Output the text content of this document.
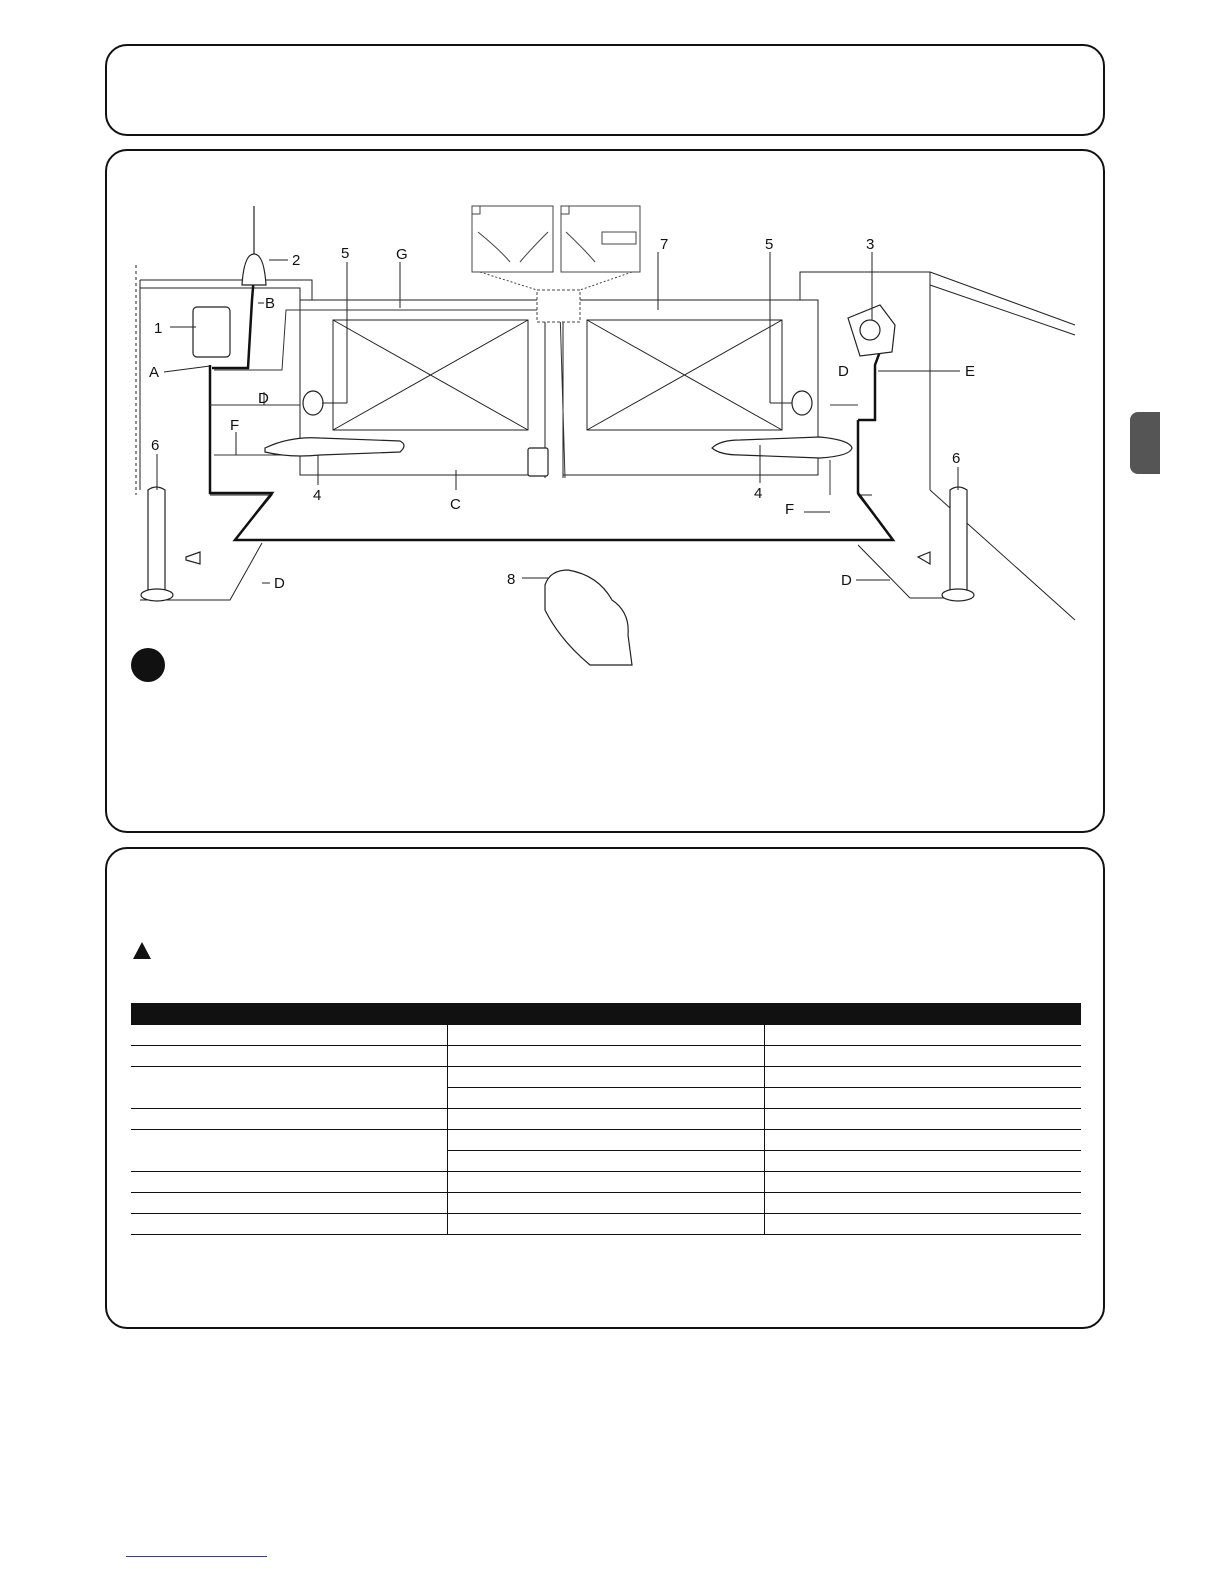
1
2
3
4	4
5
5
6
6
7
8
A
B
C
D
D
D	D
E
F
F
G
